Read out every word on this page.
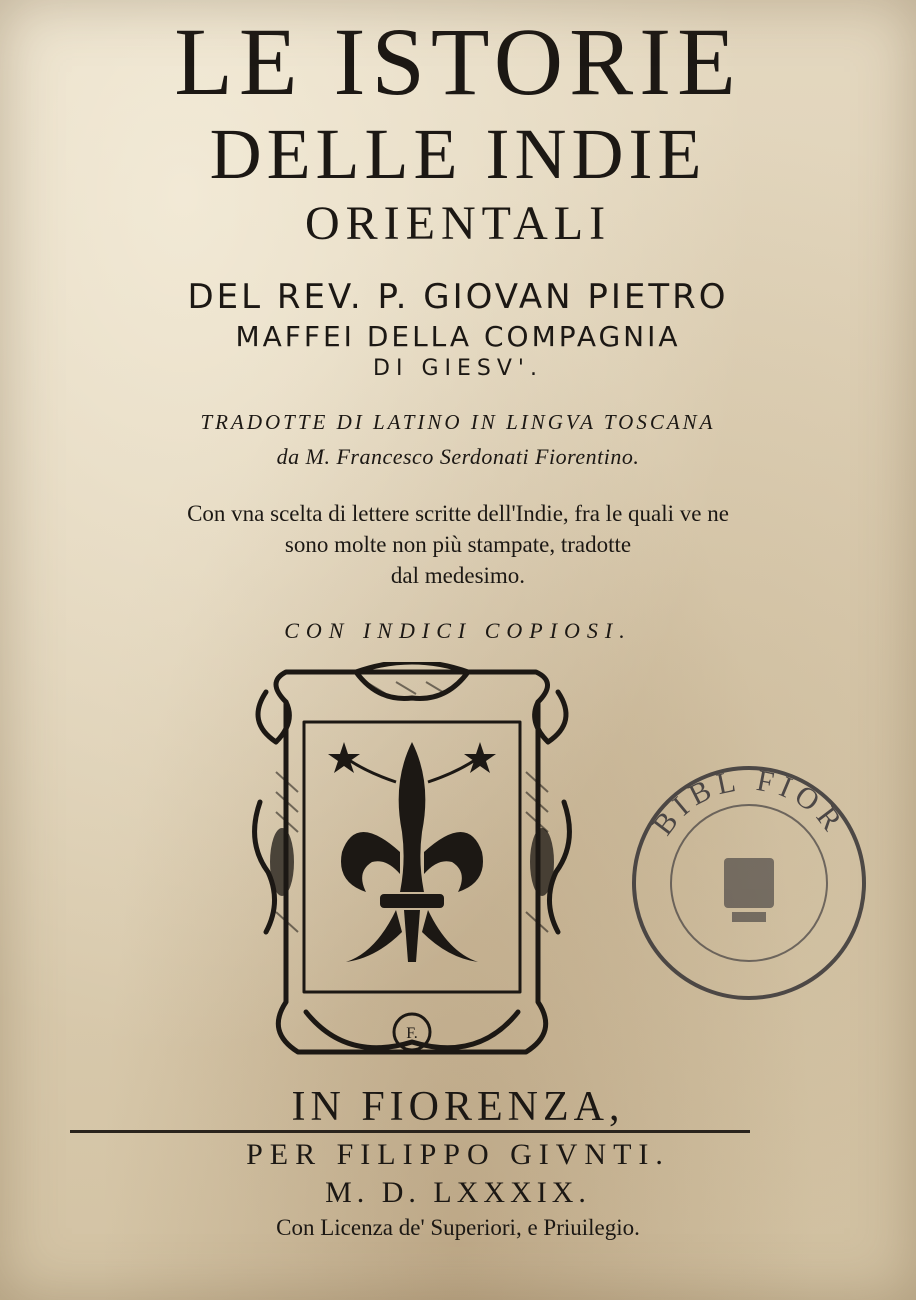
LE ISTORIE
DELLE INDIE
ORIENTALI
DEL REV. P. GIOVAN PIETRO
MAFFEI DELLA COMPAGNIA
DI GIESV'.
TRADOTTE DI LATINO IN LINGVA TOSCANA
da M. Francesco Serdonati Fiorentino.
Con vna scelta di lettere scritte dell'Indie, fra le quali ve ne
sono molte non più stampate, tradotte
dal medesimo.
CON INDICI COPIOSI.
F.
BIBL FIOR
IN FIORENZA,
PER FILIPPO GIVNTI.
M. D. LXXXIX.
Con Licenza de' Superiori, e Priuilegio.
